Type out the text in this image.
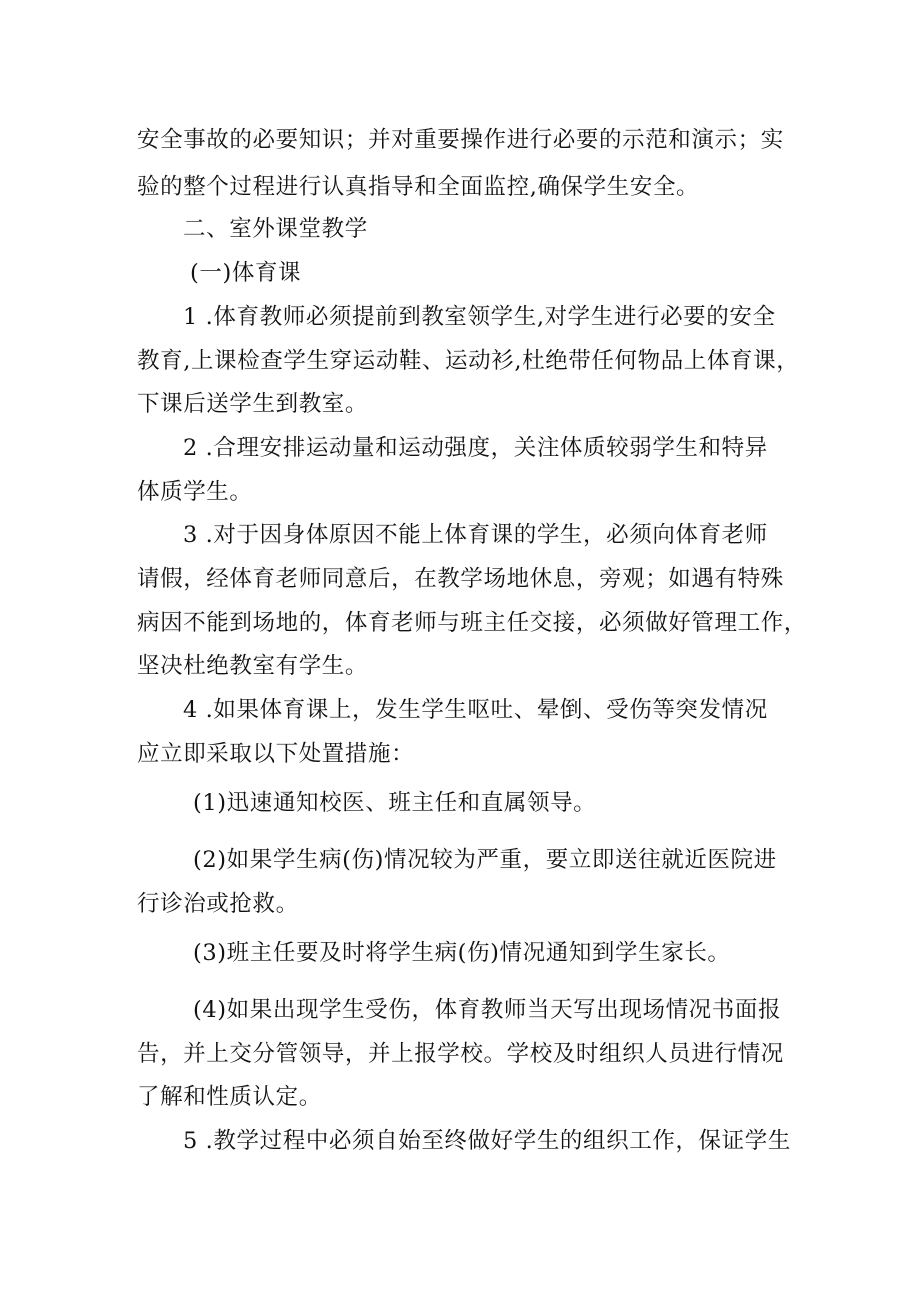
安全事故的必要知识；并对重要操作进行必要的示范和演示；实
验的整个过程进行认真指导和全面监控,确保学生安全。
二、室外课堂教学
(一)体育课
1 .体育教师必须提前到教室领学生,对学生进行必要的安全
教育,上课检查学生穿运动鞋、运动衫,杜绝带任何物品上体育课，
下课后送学生到教室。
2 .合理安排运动量和运动强度，关注体质较弱学生和特异
体质学生。
3 .对于因身体原因不能上体育课的学生，必须向体育老师
请假，经体育老师同意后，在教学场地休息，旁观；如遇有特殊
病因不能到场地的，体育老师与班主任交接，必须做好管理工作，
坚决杜绝教室有学生。
4 .如果体育课上，发生学生呕吐、晕倒、受伤等突发情况
应立即采取以下处置措施：
(1)迅速通知校医、班主任和直属领导。
(2)如果学生病(伤)情况较为严重，要立即送往就近医院进
行诊治或抢救。
(3)班主任要及时将学生病(伤)情况通知到学生家长。
(4)如果出现学生受伤，体育教师当天写出现场情况书面报
告，并上交分管领导，并上报学校。学校及时组织人员进行情况
了解和性质认定。
5 .教学过程中必须自始至终做好学生的组织工作，保证学生
